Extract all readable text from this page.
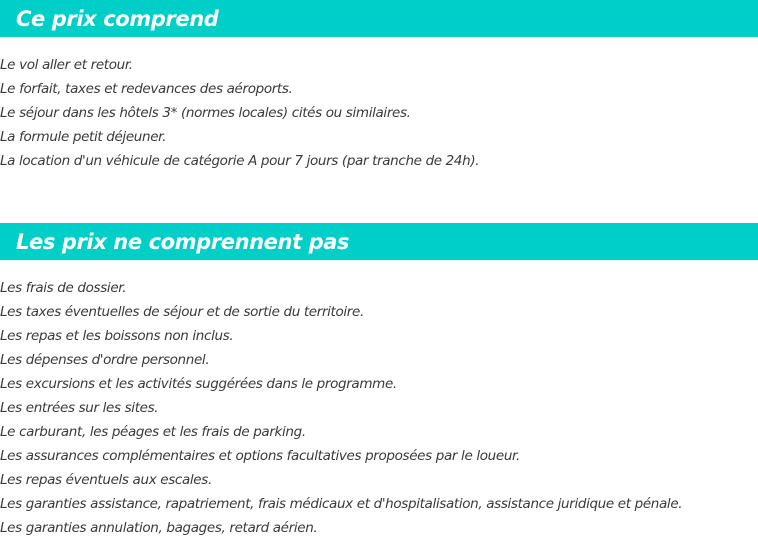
Ce prix comprend
Le vol aller et retour.
Le forfait, taxes et redevances des aéroports.
Le séjour dans les hôtels 3* (normes locales) cités ou similaires.
La formule petit déjeuner.
La location d'un véhicule de catégorie A pour 7 jours (par tranche de 24h).
Les prix ne comprennent pas
Les frais de dossier.
Les taxes éventuelles de séjour et de sortie du territoire.
Les repas et les boissons non inclus.
Les dépenses d'ordre personnel.
Les excursions et les activités suggérées dans le programme.
Les entrées sur les sites.
Le carburant, les péages et les frais de parking.
Les assurances complémentaires et options facultatives proposées par le loueur.
Les repas éventuels aux escales.
Les garanties assistance, rapatriement, frais médicaux et d'hospitalisation, assistance juridique et pénale.
Les garanties annulation, bagages, retard aérien.
